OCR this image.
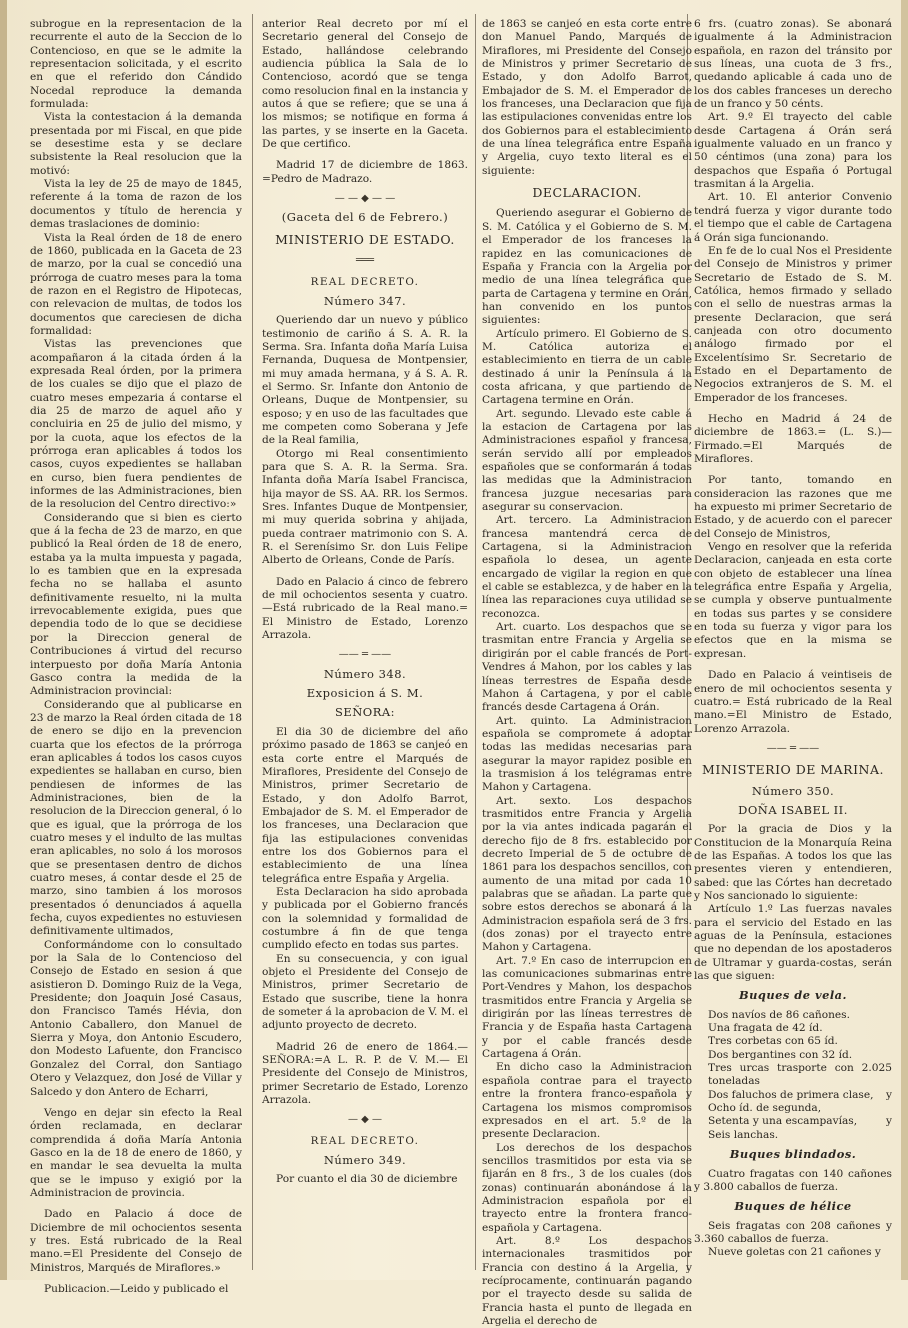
subrogue en la representacion de la recurrente el auto de la Seccion de lo Contencioso, en que se le admite la representacion solicitada, y el escrito en que el referido don Cándido Nocedal reproduce la demanda formulada:

Vista la contestacion á la demanda presentada por mi Fiscal, en que pide se desestime esta y se declare subsistente la Real resolucion que la motivó:

Vista la ley de 25 de mayo de 1845, referente á la toma de razon de los documentos y título de herencia y demas traslaciones de dominio:

Vista la Real órden de 18 de enero de 1860, publicada en la Gaceta de 23 de marzo, por la cual se concedió una prórroga de cuatro meses para la toma de razon en el Registro de Hipotecas, con relevacion de multas, de todos los documentos que careciesen de dicha formalidad:

Vistas las prevenciones que acompañaron á la citada órden á la expresada Real órden, por la primera de los cuales se dijo que el plazo de cuatro meses empezaria á contarse el dia 25 de marzo de aquel año y concluiria en 25 de julio del mismo, y por la cuota, aque los efectos de la prórroga eran aplicables á todos los casos, cuyos expedientes se hallaban en curso, bien fuera pendientes de informes de las Administraciones, bien de la resolucion del Centro directivo:»

Considerando que si bien es cierto que á la fecha de 23 de marzo, en que publicó la Real órden de 18 de enero, estaba ya la multa impuesta y pagada, lo es tambien que en la expresada fecha no se hallaba el asunto definitivamente resuelto, ni la multa irrevocablemente exigida, pues que dependia todo de lo que se decidiese por la Direccion general de Contribuciones á virtud del recurso interpuesto por doña María Antonia Gasco contra la medida de la Administracion provincial:

Considerando que al publicarse en 23 de marzo la Real órden citada de 18 de enero se dijo en la prevencion cuarta que los efectos de la prórroga eran aplicables á todos los casos cuyos expedientes se hallaban en curso, bien pendiesen de informes de las Administraciones, bien de la resolucion de la Direccion general, ó lo que es igual, que la prórroga de los cuatro meses y el indulto de las multas eran aplicables, no solo á los morosos que se presentasen dentro de dichos cuatro meses, á contar desde el 25 de marzo, sino tambien á los morosos presentados ó denunciados á aquella fecha, cuyos expedientes no estuviesen definitivamente ultimados,

Conformándome con lo consultado por la Sala de lo Contencioso del Consejo de Estado en sesion á que asistieron D. Domingo Ruiz de la Vega, Presidente; don Joaquin José Casaus, don Francisco Tamés Hévia, don Antonio Caballero, don Manuel de Sierra y Moya, don Antonio Escudero, don Modesto Lafuente, don Francisco Gonzalez del Corral, don Santiago Otero y Velazquez, don José de Villar y Salcedo y don Antero de Echarri,

Vengo en dejar sin efecto la Real órden reclamada, en declarar comprendida á doña María Antonia Gasco en la de 18 de enero de 1860, y en mandar le sea devuelta la multa que se le impuso y exigió por la Administracion de provincia.

Dado en Palacio á doce de Diciembre de mil ochocientos sesenta y tres. Está rubricado de la Real mano.=El Presidente del Consejo de Ministros, Marqués de Miraflores.»

Publicacion.—Leido y publicado el

anterior Real decreto por mí el Secretario general del Consejo de Estado, hallándose celebrando audiencia pública la Sala de lo Contencioso, acordó que se tenga como resolucion final en la instancia y autos á que se refiere; que se una á los mismos; se notifique en forma á las partes, y se inserte en la Gaceta. De que certifico.

Madrid 17 de diciembre de 1863. =Pedro de Madrazo.

— — ◆ — —

(Gaceta del 6 de Febrero.)

MINISTERIO DE ESTADO.

═══

REAL DECRETO.

Número 347.

Queriendo dar un nuevo y público testimonio de cariño á S. A. R. la Serma. Sra. Infanta doña María Luisa Fernanda, Duquesa de Montpensier, mi muy amada hermana, y á S. A. R. el Sermo. Sr. Infante don Antonio de Orleans, Duque de Montpensier, su esposo; y en uso de las facultades que me competen como Soberana y Jefe de la Real familia,

Otorgo mi Real consentimiento para que S. A. R. la Serma. Sra. Infanta doña María Isabel Francisca, hija mayor de SS. AA. RR. los Sermos. Sres. Infantes Duque de Montpensier, mi muy querida sobrina y ahijada, pueda contraer matrimonio con S. A. R. el Serenísimo Sr. don Luis Felipe Alberto de Orleans, Conde de París.

Dado en Palacio á cinco de febrero de mil ochocientos sesenta y cuatro. —Está rubricado de la Real mano.= El Ministro de Estado, Lorenzo Arrazola.

—— ═ ——

Número 348.

Exposicion á S. M.

SEÑORA:

El dia 30 de diciembre del año próximo pasado de 1863 se canjeó en esta corte entre el Marqués de Miraflores, Presidente del Consejo de Ministros, primer Secretario de Estado, y don Adolfo Barrot, Embajador de S. M. el Emperador de los franceses, una Declaracion que fija las estipulaciones convenidas entre los dos Gobiernos para el establecimiento de una línea telegráfica entre España y Argelia.

Esta Declaracion ha sido aprobada y publicada por el Gobierno francés con la solemnidad y formalidad de costumbre á fin de que tenga cumplido efecto en todas sus partes.

En su consecuencia, y con igual objeto el Presidente del Consejo de Ministros, primer Secretario de Estado que suscribe, tiene la honra de someter á la aprobacion de V. M. el adjunto proyecto de decreto.

Madrid 26 de enero de 1864.— SEÑORA:=A L. R. P. de V. M.— El Presidente del Consejo de Ministros, primer Secretario de Estado, Lorenzo Arrazola.

— ◆ —

REAL DECRETO.

Número 349.

Por cuanto el dia 30 de diciembre

de 1863 se canjeó en esta corte entre don Manuel Pando, Marqués de Miraflores, mi Presidente del Consejo de Ministros y primer Secretario de Estado, y don Adolfo Barrot, Embajador de S. M. el Emperador de los franceses, una Declaracion que fija las estipulaciones convenidas entre los dos Gobiernos para el establecimiento de una línea telegráfica entre España y Argelia, cuyo texto literal es el siguiente:

DECLARACION.

Queriendo asegurar el Gobierno de S. M. Católica y el Gobierno de S. M. el Emperador de los franceses la rapidez en las comunicaciones de España y Francia con la Argelia por medio de una línea telegráfica que parta de Cartagena y termine en Orán, han convenido en los puntos siguientes:

Artículo primero. El Gobierno de S. M. Católica autoriza el establecimiento en tierra de un cable destinado á unir la Península á la costa africana, y que partiendo de Cartagena termine en Orán.

Art. segundo. Llevado este cable á la estacion de Cartagena por las Administraciones español y francesa, serán servido allí por empleados españoles que se conformarán á todas las medidas que la Administracion francesa juzgue necesarias para asegurar su conservacion.

Art. tercero. La Administracion francesa mantendrá cerca de Cartagena, si la Administracion española lo desea, un agente encargado de vigilar la region en que el cable se establezca, y de haber en la línea las reparaciones cuya utilidad se reconozca.

Art. cuarto. Los despachos que se trasmitan entre Francia y Argelia se dirigirán por el cable francés de Port-Vendres á Mahon, por los cables y las líneas terrestres de España desde Mahon á Cartagena, y por el cable francés desde Cartagena á Orán.

Art. quinto. La Administracion española se compromete á adoptar todas las medidas necesarias para asegurar la mayor rapidez posible en la trasmision á los telégramas entre Mahon y Cartagena.

Art. sexto. Los despachos trasmitidos entre Francia y Argelia por la via antes indicada pagarán el derecho fijo de 8 frs. establecido por decreto Imperial de 5 de octubre de 1861 para los despachos sencillos, con aumento de una mitad por cada 10 palabras que se añadan. La parte que sobre estos derechos se abonará á la Administracion española será de 3 frs. (dos zonas) por el trayecto entre Mahon y Cartagena.

Art. 7.º En caso de interrupcion en las comunicaciones submarinas entre Port-Vendres y Mahon, los despachos trasmitidos entre Francia y Argelia se dirigirán por las líneas terrestres de Francia y de España hasta Cartagena y por el cable francés desde Cartagena á Orán.

En dicho caso la Administracion española contrae para el trayecto entre la frontera franco-española y Cartagena los mismos compromisos expresados en el art. 5.º de la presente Declaracion.

Los derechos de los despachos sencillos trasmitidos por esta via se fijarán en 8 frs., 3 de los cuales (dos zonas) continuarán abonándose á la Administracion española por el trayecto entre la frontera franco-española y Cartagena.

Art. 8.º Los despachos internacionales trasmitidos por Francia con destino á la Argelia, y recíprocamente, continuarán pagando por el trayecto desde su salida de Francia hasta el punto de llegada en Argelia el derecho de

6 frs. (cuatro zonas). Se abonará igualmente á la Administracion española, en razon del tránsito por sus líneas, una cuota de 3 frs., quedando aplicable á cada uno de los dos cables franceses un derecho de un franco y 50 cénts.

Art. 9.º El trayecto del cable desde Cartagena á Orán será igualmente valuado en un franco y 50 céntimos (una zona) para los despachos que España ó Portugal trasmitan á la Argelia.

Art. 10. El anterior Convenio tendrá fuerza y vigor durante todo el tiempo que el cable de Cartagena á Orán siga funcionando.

En fe de lo cual Nos el Presidente del Consejo de Ministros y primer Secretario de Estado de S. M. Católica, hemos firmado y sellado con el sello de nuestras armas la presente Declaracion, que será canjeada con otro documento análogo firmado por el Excelentísimo Sr. Secretario de Estado en el Departamento de Negocios extranjeros de S. M. el Emperador de los franceses.

Hecho en Madrid á 24 de diciembre de 1863.= (L. S.)—Firmado.=El Marqués de Miraflores.

Por tanto, tomando en consideracion las razones que me ha expuesto mi primer Secretario de Estado, y de acuerdo con el parecer del Consejo de Ministros,

Vengo en resolver que la referida Declaracion, canjeada en esta corte con objeto de establecer una línea telegráfica entre España y Argelia, se cumpla y observe puntualmente en todas sus partes y se considere en toda su fuerza y vigor para los efectos que en la misma se expresan.

Dado en Palacio á veintiseis de enero de mil ochocientos sesenta y cuatro.= Está rubricado de la Real mano.=El Ministro de Estado, Lorenzo Arrazola.

—— ═ ——

MINISTERIO DE MARINA.

Número 350.

DOÑA ISABEL II.

Por la gracia de Dios y la Constitucion de la Monarquía Reina de las Españas. A todos los que las presentes vieren y entendieren, sabed: que las Córtes han decretado y Nos sancionado lo siguiente:

Artículo 1.º Las fuerzas navales para el servicio del Estado en las aguas de la Península, estaciones que no dependan de los apostaderos de Ultramar y guarda-costas, serán las que siguen:

Buques de vela.

Dos navíos de 86 cañones.
Una fragata de 42 íd.
Tres corbetas con 65 íd.
Dos bergantines con 32 íd.
Tres urcas trasporte con 2.025 toneladas
Dos faluchos de primera clase, y
Ocho íd. de segunda,
Setenta y una escampavías,	y
Seis lanchas.

Buques blindados.

Cuatro fragatas con 140 cañones y 3.800 caballos de fuerza.

Buques de hélice

Seis fragatas con 208 cañones y 3.360 caballos de fuerza.

Nueve goletas con 21 cañones y
